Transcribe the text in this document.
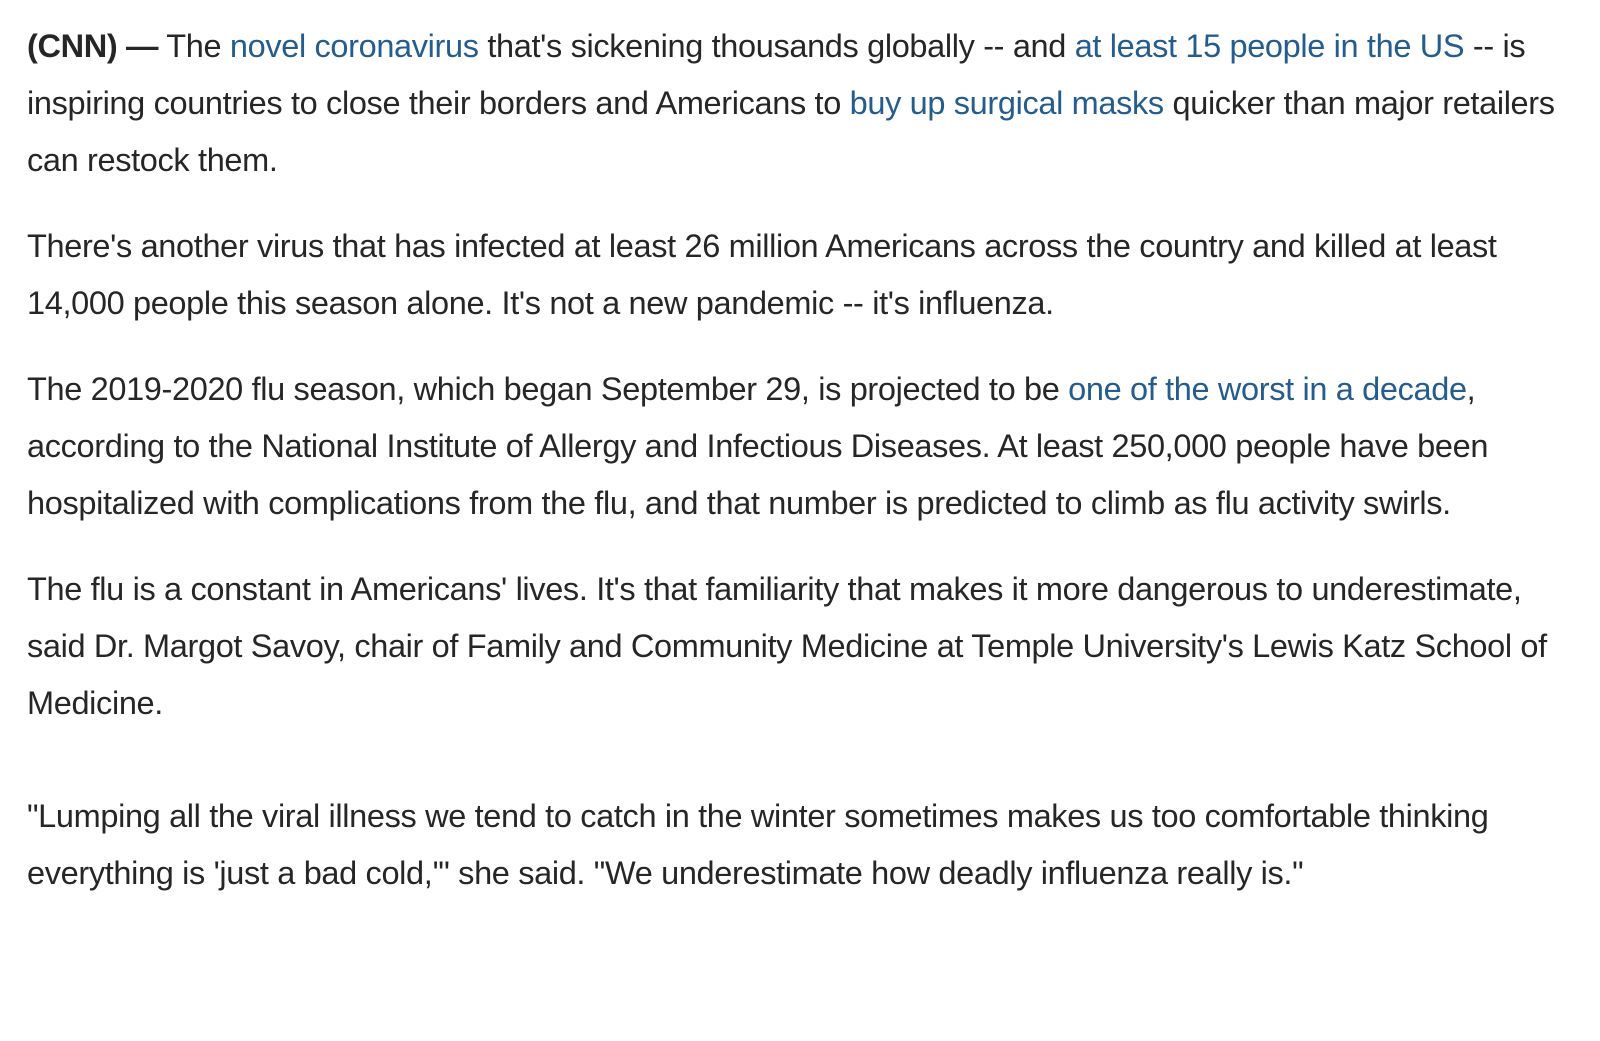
(CNN) — The novel coronavirus that's sickening thousands globally -- and at least 15 people in the US -- is inspiring countries to close their borders and Americans to buy up surgical masks quicker than major retailers can restock them.

There's another virus that has infected at least 26 million Americans across the country and killed at least 14,000 people this season alone. It's not a new pandemic -- it's influenza.

The 2019-2020 flu season, which began September 29, is projected to be one of the worst in a decade, according to the National Institute of Allergy and Infectious Diseases. At least 250,000 people have been hospitalized with complications from the flu, and that number is predicted to climb as flu activity swirls.

The flu is a constant in Americans' lives. It's that familiarity that makes it more dangerous to underestimate, said Dr. Margot Savoy, chair of Family and Community Medicine at Temple University's Lewis Katz School of Medicine.

"Lumping all the viral illness we tend to catch in the winter sometimes makes us too comfortable thinking everything is 'just a bad cold,'" she said. "We underestimate how deadly influenza really is."
